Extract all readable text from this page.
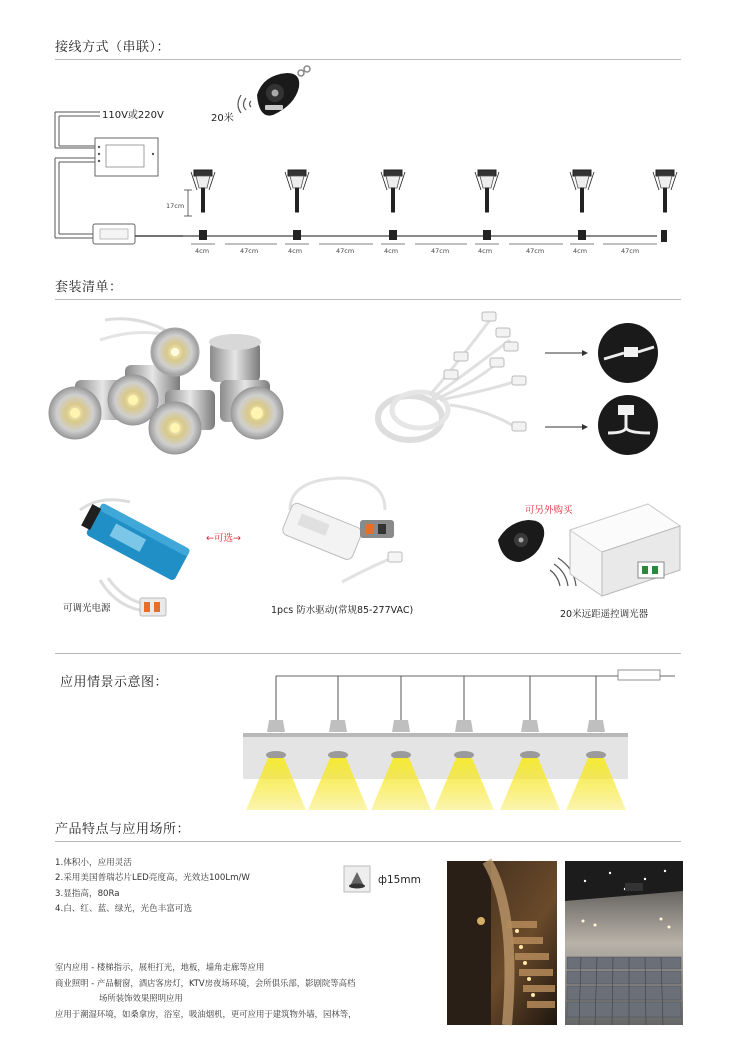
接线方式（串联）：
20米
110V或220V
17cm
4cm	47cm	4cm	47cm	4cm	47cm	4cm	47cm	4cm	47cm
套装清单：
可调光电源
←可选→
1pcs 防水驱动(常规85-277VAC)
可另外购买
20米远距遥控调光器
应用情景示意图：
产品特点与应用场所：
1.体积小，应用灵活
2.采用美国普瑞芯片LED亮度高，光效达100Lm/W
3.显指高，80Ra
4.白、红、蓝、绿光，光色丰富可选
ф15mm
室内应用 - 楼梯指示，展柜打光，地板，墙角走廊等应用
商业照明 - 产品橱窗，酒店客房灯，KTV房夜场环境，会所俱乐部，影剧院等高档
场所装饰效果照明应用
应用于潮湿环境，如桑拿房，浴室，吸油烟机，更可应用于建筑物外墙，园林等，
